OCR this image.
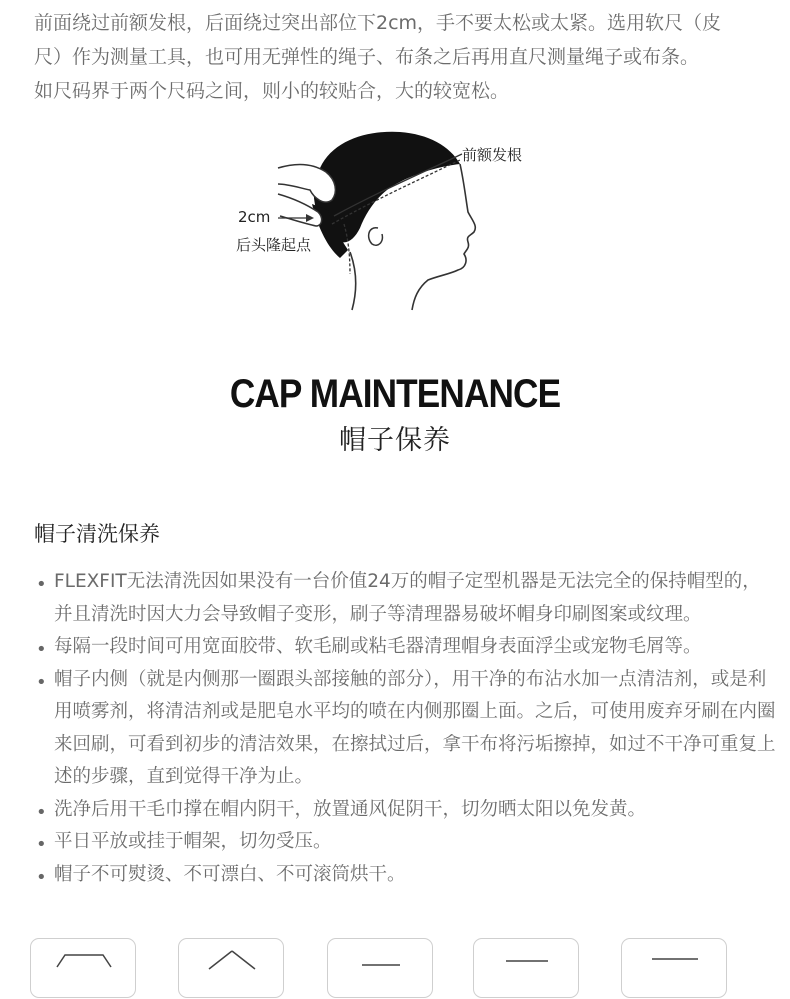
前面绕过前额发根，后面绕过突出部位下2cm，手不要太松或太紧。选用软尺（皮

尺）作为测量工具，也可用无弹性的绳子、布条之后再用直尺测量绳子或布条。

如尺码界于两个尺码之间，则小的较贴合，大的较宽松。

前额发根
2cm
后头隆起点
CAP MAINTENANCE
帽子保养
帽子清洗保养
• FLEXFIT无法清洗因如果没有一台价值24万的帽子定型机器是无法完全的保持帽型的，并且清洗时因大力会导致帽子变形，刷子等清理器易破坏帽身印刷图案或纹理。
• 每隔一段时间可用宽面胶带、软毛刷或粘毛器清理帽身表面浮尘或宠物毛屑等。
• 帽子内侧（就是内侧那一圈跟头部接触的部分），用干净的布沾水加一点清洁剂，或是利用喷雾剂，将清洁剂或是肥皂水平均的喷在内侧那圈上面。之后，可使用废弃牙刷在内圈来回刷，可看到初步的清洁效果，在擦拭过后，拿干布将污垢擦掉，如过不干净可重复上述的步骤，直到觉得干净为止。
• 洗净后用干毛巾撑在帽内阴干，放置通风促阴干，切勿晒太阳以免发黄。
• 平日平放或挂于帽架，切勿受压。
• 帽子不可熨烫、不可漂白、不可滚筒烘干。
